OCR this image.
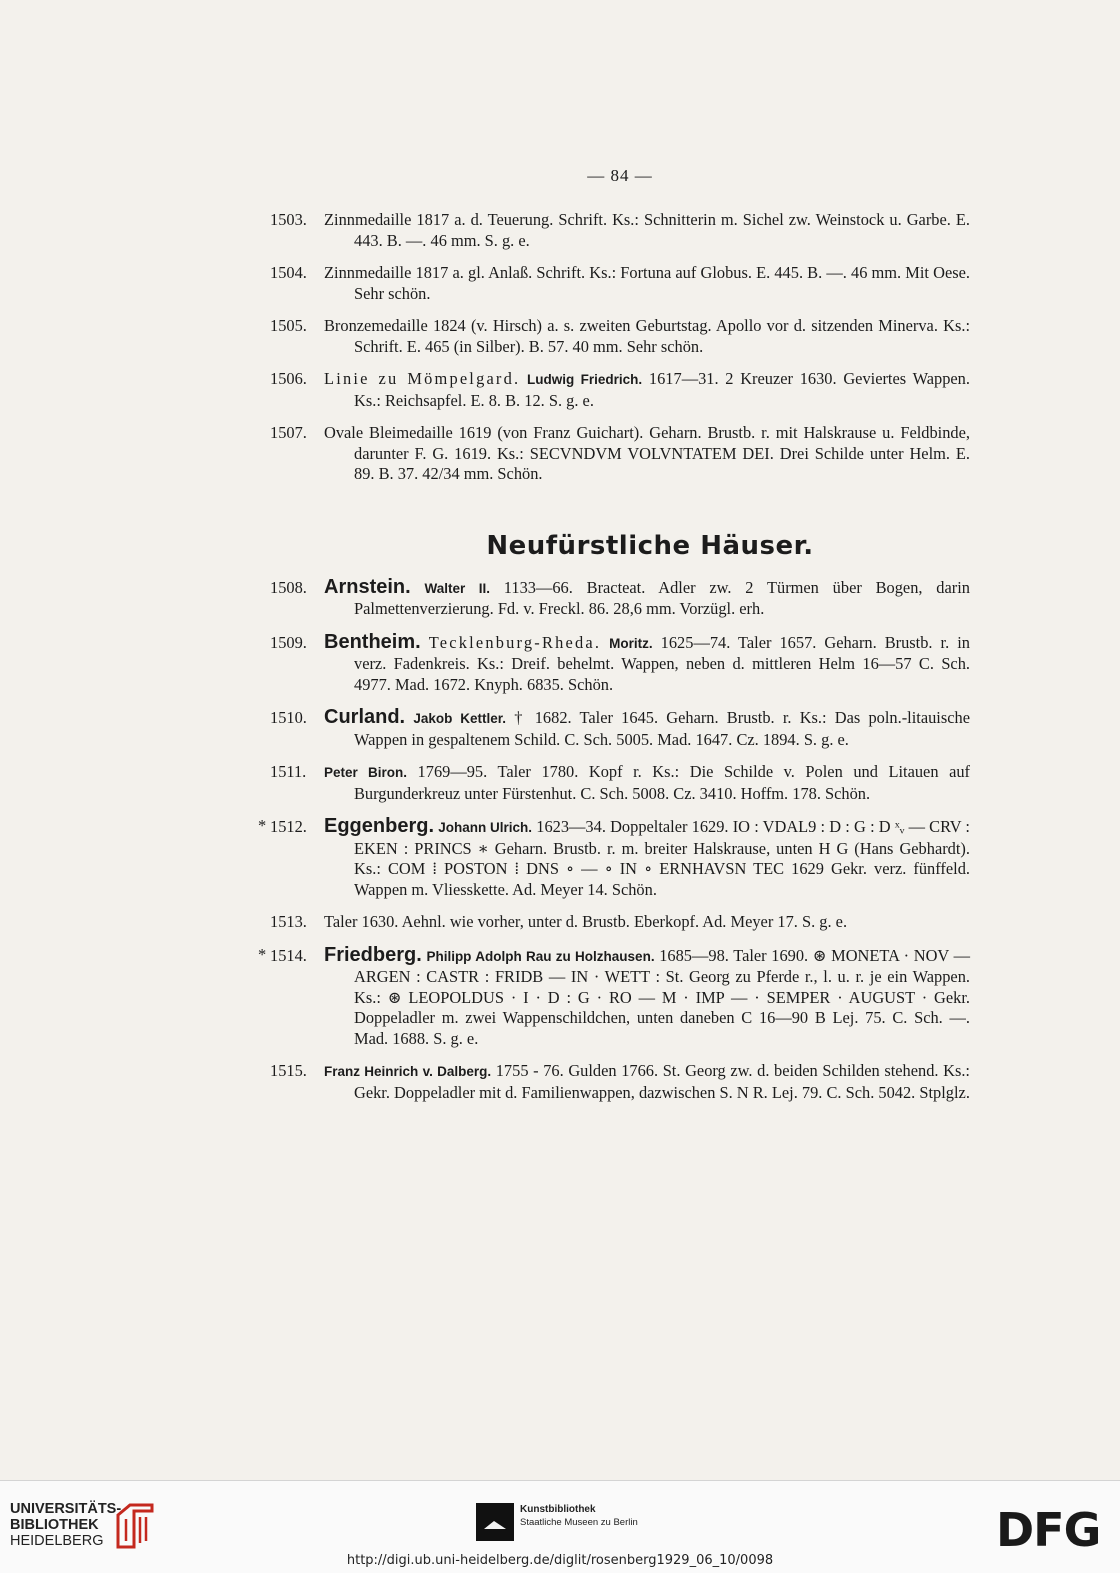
— 84 —
1503. Zinnmedaille 1817 a. d. Teuerung. Schrift. Ks.: Schnitterin m. Sichel zw. Weinstock u. Garbe. E. 443. B. —. 46 mm. S. g. e.
1504. Zinnmedaille 1817 a. gl. Anlaß. Schrift. Ks.: Fortuna auf Globus. E. 445. B. —. 46 mm. Mit Oese. Sehr schön.
1505. Bronzemedaille 1824 (v. Hirsch) a. s. zweiten Geburtstag. Apollo vor d. sitzenden Minerva. Ks.: Schrift. E. 465 (in Silber). B. 57. 40 mm. Sehr schön.
1506. Linie zu Mömpelgard. Ludwig Friedrich. 1617—31. 2 Kreuzer 1630. Geviertes Wappen. Ks.: Reichsapfel. E. 8. B. 12. S. g. e.
1507. Ovale Bleimedaille 1619 (von Franz Guichart). Geharn. Brustb. r. mit Halskrause u. Feldbinde, darunter F. G. 1619. Ks.: SECVNDVM VOLVNTATEM DEI. Drei Schilde unter Helm. E. 89. B. 37. 42/34 mm. Schön.
Neufürstliche Häuser.
1508. Arnstein. Walter II. 1133—66. Bracteat. Adler zw. 2 Türmen über Bogen, darin Palmettenverzierung. Fd. v. Freckl. 86. 28,6 mm. Vorzügl. erh.
1509. Bentheim. Tecklenburg-Rheda. Moritz. 1625—74. Taler 1657. Geharn. Brustb. r. in verz. Fadenkreis. Ks.: Dreif. behelmt. Wappen, neben d. mittleren Helm 16—57 C. Sch. 4977. Mad. 1672. Knyph. 6835. Schön.
1510. Curland. Jakob Kettler. † 1682. Taler 1645. Geharn. Brustb. r. Ks.: Das poln.-litauische Wappen in gespaltenem Schild. C. Sch. 5005. Mad. 1647. Cz. 1894. S. g. e.
1511. Peter Biron. 1769—95. Taler 1780. Kopf r. Ks.: Die Schilde v. Polen und Litauen auf Burgunderkreuz unter Fürstenhut. C. Sch. 5008. Cz. 3410. Hoffm. 178. Schön.
* 1512. Eggenberg. Johann Ulrich. 1623—34. Doppeltaler 1629. IO : VDAL9 : D : G : D ˣᵥ — CRV : EKEN : PRINCS ∗ Geharn. Brustb. r. m. breiter Halskrause, unten H G (Hans Gebhardt). Ks.: COM ⁞ POSTON ⁞ DNS ∘ — ∘ IN ∘ ERNHAVSN TEC 1629 Gekr. verz. fünffeld. Wappen m. Vliesskette. Ad. Meyer 14. Schön.
1513. Taler 1630. Aehnl. wie vorher, unter d. Brustb. Eberkopf. Ad. Meyer 17. S. g. e.
* 1514. Friedberg. Philipp Adolph Rau zu Holzhausen. 1685—98. Taler 1690. ⊛ MONETA · NOV — ARGEN : CASTR : FRIDB — IN · WETT : St. Georg zu Pferde r., l. u. r. je ein Wappen. Ks.: ⊛ LEOPOLDUS · I · D : G · RO — M · IMP — · SEMPER · AUGUST · Gekr. Doppeladler m. zwei Wappenschildchen, unten daneben C 16—90 B Lej. 75. C. Sch. —. Mad. 1688. S. g. e.
1515. Franz Heinrich v. Dalberg. 1755 - 76. Gulden 1766. St. Georg zw. d. beiden Schilden stehend. Ks.: Gekr. Doppeladler mit d. Familienwappen, dazwischen S. N R. Lej. 79. C. Sch. 5042. Stplglz.
UNIVERSITÄTS-
BIBLIOTHEK
HEIDELBERG
Kunstbibliothek
Staatliche Museen zu Berlin	DFG
http://digi.ub.uni-heidelberg.de/diglit/rosenberg1929_06_10/0098
